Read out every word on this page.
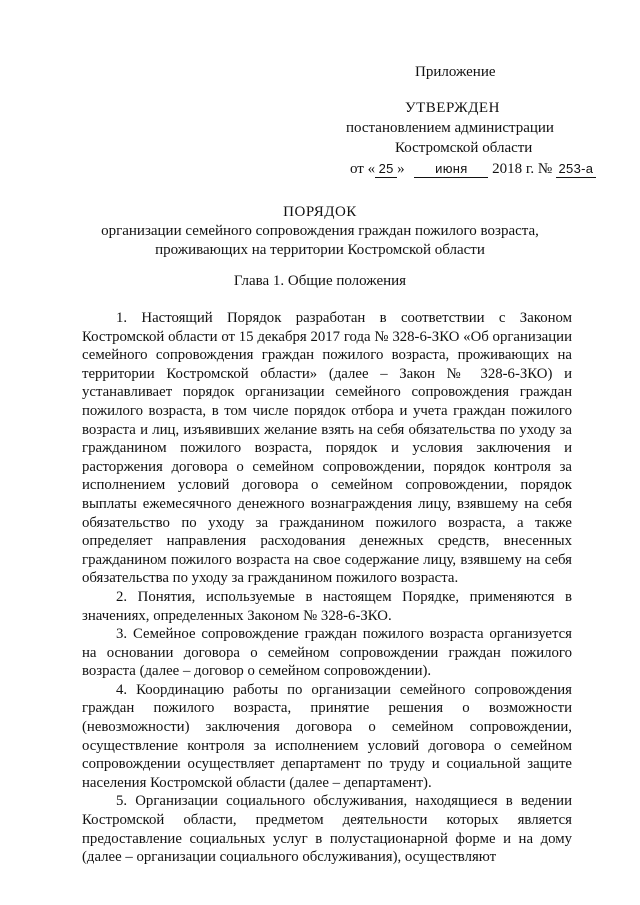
Приложение
УТВЕРЖДЕН
постановлением администрации
Костромской области
от « 25 » июня 2018 г. № 253-а
ПОРЯДОК
организации семейного сопровождения граждан пожилого возраста,
проживающих на территории Костромской области
Глава 1. Общие положения

1. Настоящий Порядок разработан в соответствии с Законом Костромской области от 15 декабря 2017 года № 328-6-ЗКО «Об организации семейного сопровождения граждан пожилого возраста, проживающих на территории Костромской области» (далее – Закон № 328-6-ЗКО) и устанавливает порядок организации семейного сопровождения граждан пожилого возраста, в том числе порядок отбора и учета граждан пожилого возраста и лиц, изъявивших желание взять на себя обязательства по уходу за гражданином пожилого возраста, порядок и условия заключения и расторжения договора о семейном сопровождении, порядок контроля за исполнением условий договора о семейном сопровождении, порядок выплаты ежемесячного денежного вознаграждения лицу, взявшему на себя обязательство по уходу за гражданином пожилого возраста, а также определяет направления расходования денежных средств, внесенных гражданином пожилого возраста на свое содержание лицу, взявшему на себя обязательства по уходу за гражданином пожилого возраста.

2. Понятия, используемые в настоящем Порядке, применяются в значениях, определенных Законом № 328-6-ЗКО.

3. Семейное сопровождение граждан пожилого возраста организуется на основании договора о семейном сопровождении граждан пожилого возраста (далее – договор о семейном сопровождении).

4. Координацию работы по организации семейного сопровождения граждан пожилого возраста, принятие решения о возможности (невозможности) заключения договора о семейном сопровождении, осуществление контроля за исполнением условий договора о семейном сопровождении осуществляет департамент по труду и социальной защите населения Костромской области (далее – департамент).

5. Организации социального обслуживания, находящиеся в ведении Костромской области, предметом деятельности которых является предоставление социальных услуг в полустационарной форме и на дому (далее – организации социального обслуживания), осуществляют
